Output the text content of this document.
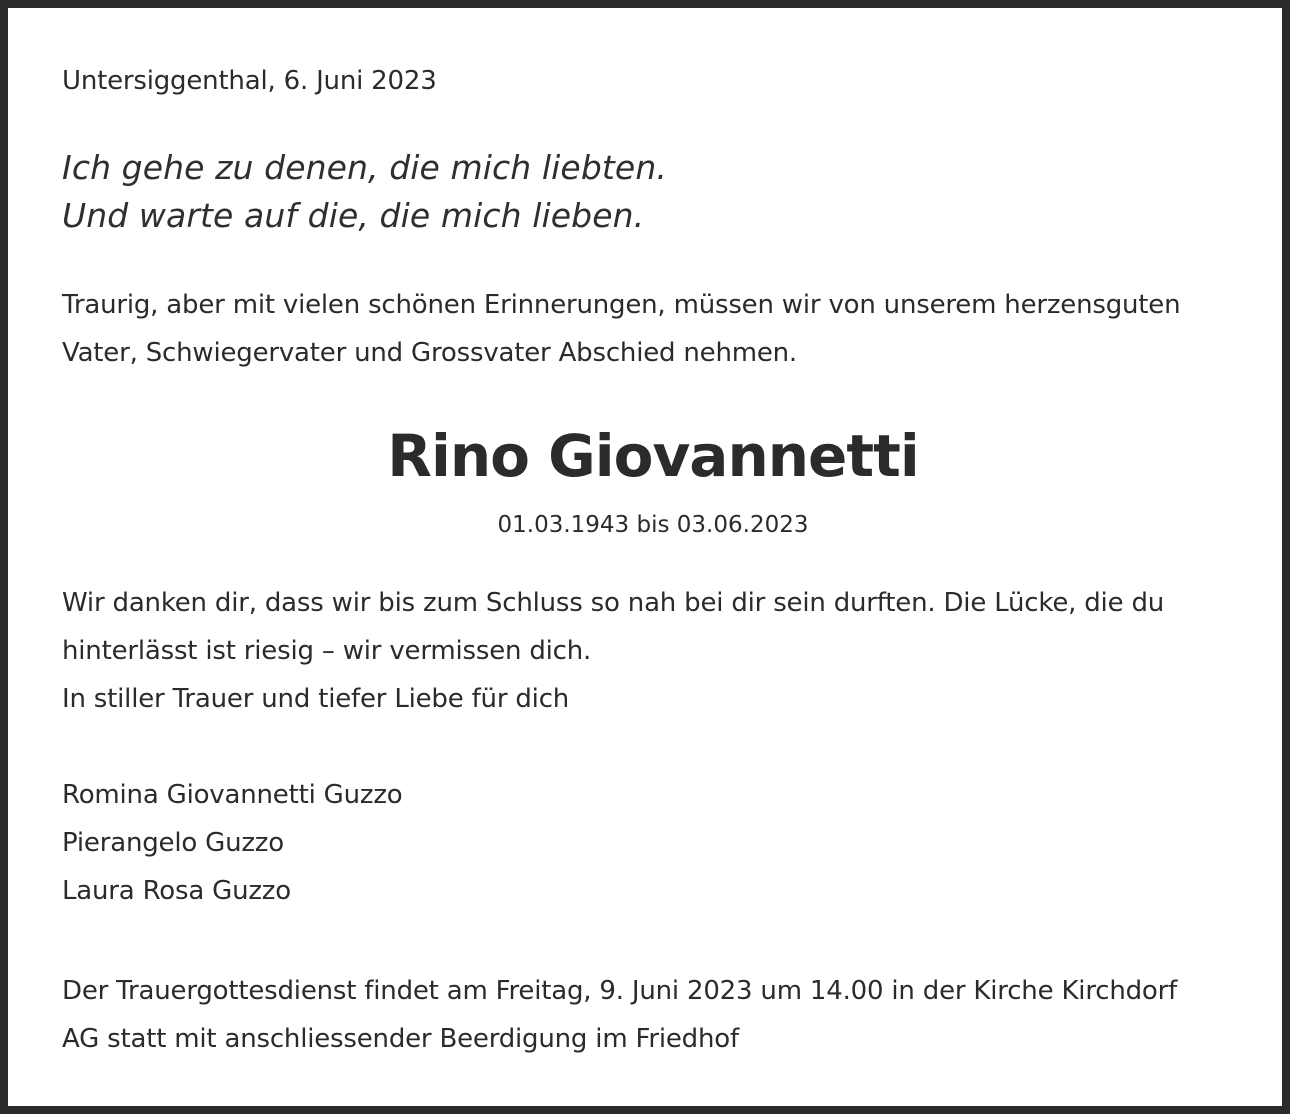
Untersiggenthal, 6. Juni 2023

Ich gehe zu denen, die mich liebten.

Und warte auf die, die mich lieben.

Traurig, aber mit vielen schönen Erinnerungen, müssen wir von unserem herzensguten

Vater, Schwiegervater und Grossvater Abschied nehmen.

Rino Giovannetti

01.03.1943 bis 03.06.2023

Wir danken dir, dass wir bis zum Schluss so nah bei dir sein durften. Die Lücke, die du

hinterlässt ist riesig – wir vermissen dich.

In stiller Trauer und tiefer Liebe für dich

Romina Giovannetti Guzzo

Pierangelo Guzzo

Laura Rosa Guzzo

Der Trauergottesdienst findet am Freitag, 9. Juni 2023 um 14.00 in der Kirche Kirchdorf

AG statt mit anschliessender Beerdigung im Friedhof
